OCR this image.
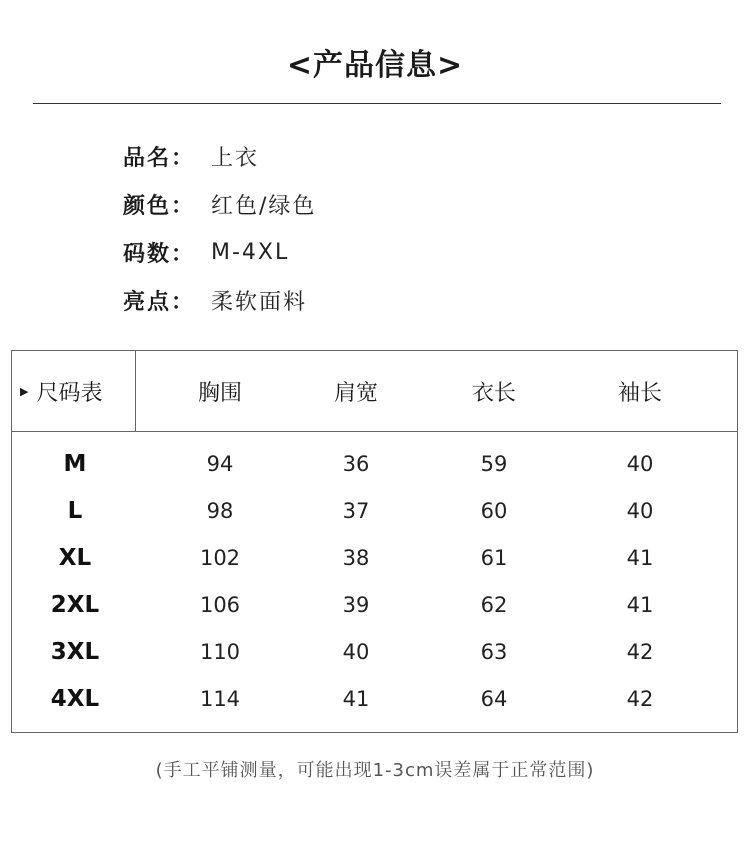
<产品信息>
品名： 上衣
颜色： 红色/绿色
码数： M-4XL
亮点： 柔软面料
▶ 尺码表	胸围	肩宽	衣长	袖长
M	94	36	59	40
L	98	37	60	40
XL	102	38	61	41
2XL	106	39	62	41
3XL	110	40	63	42
4XL	114	41	64	42
(手工平铺测量，可能出现1-3cm误差属于正常范围)
